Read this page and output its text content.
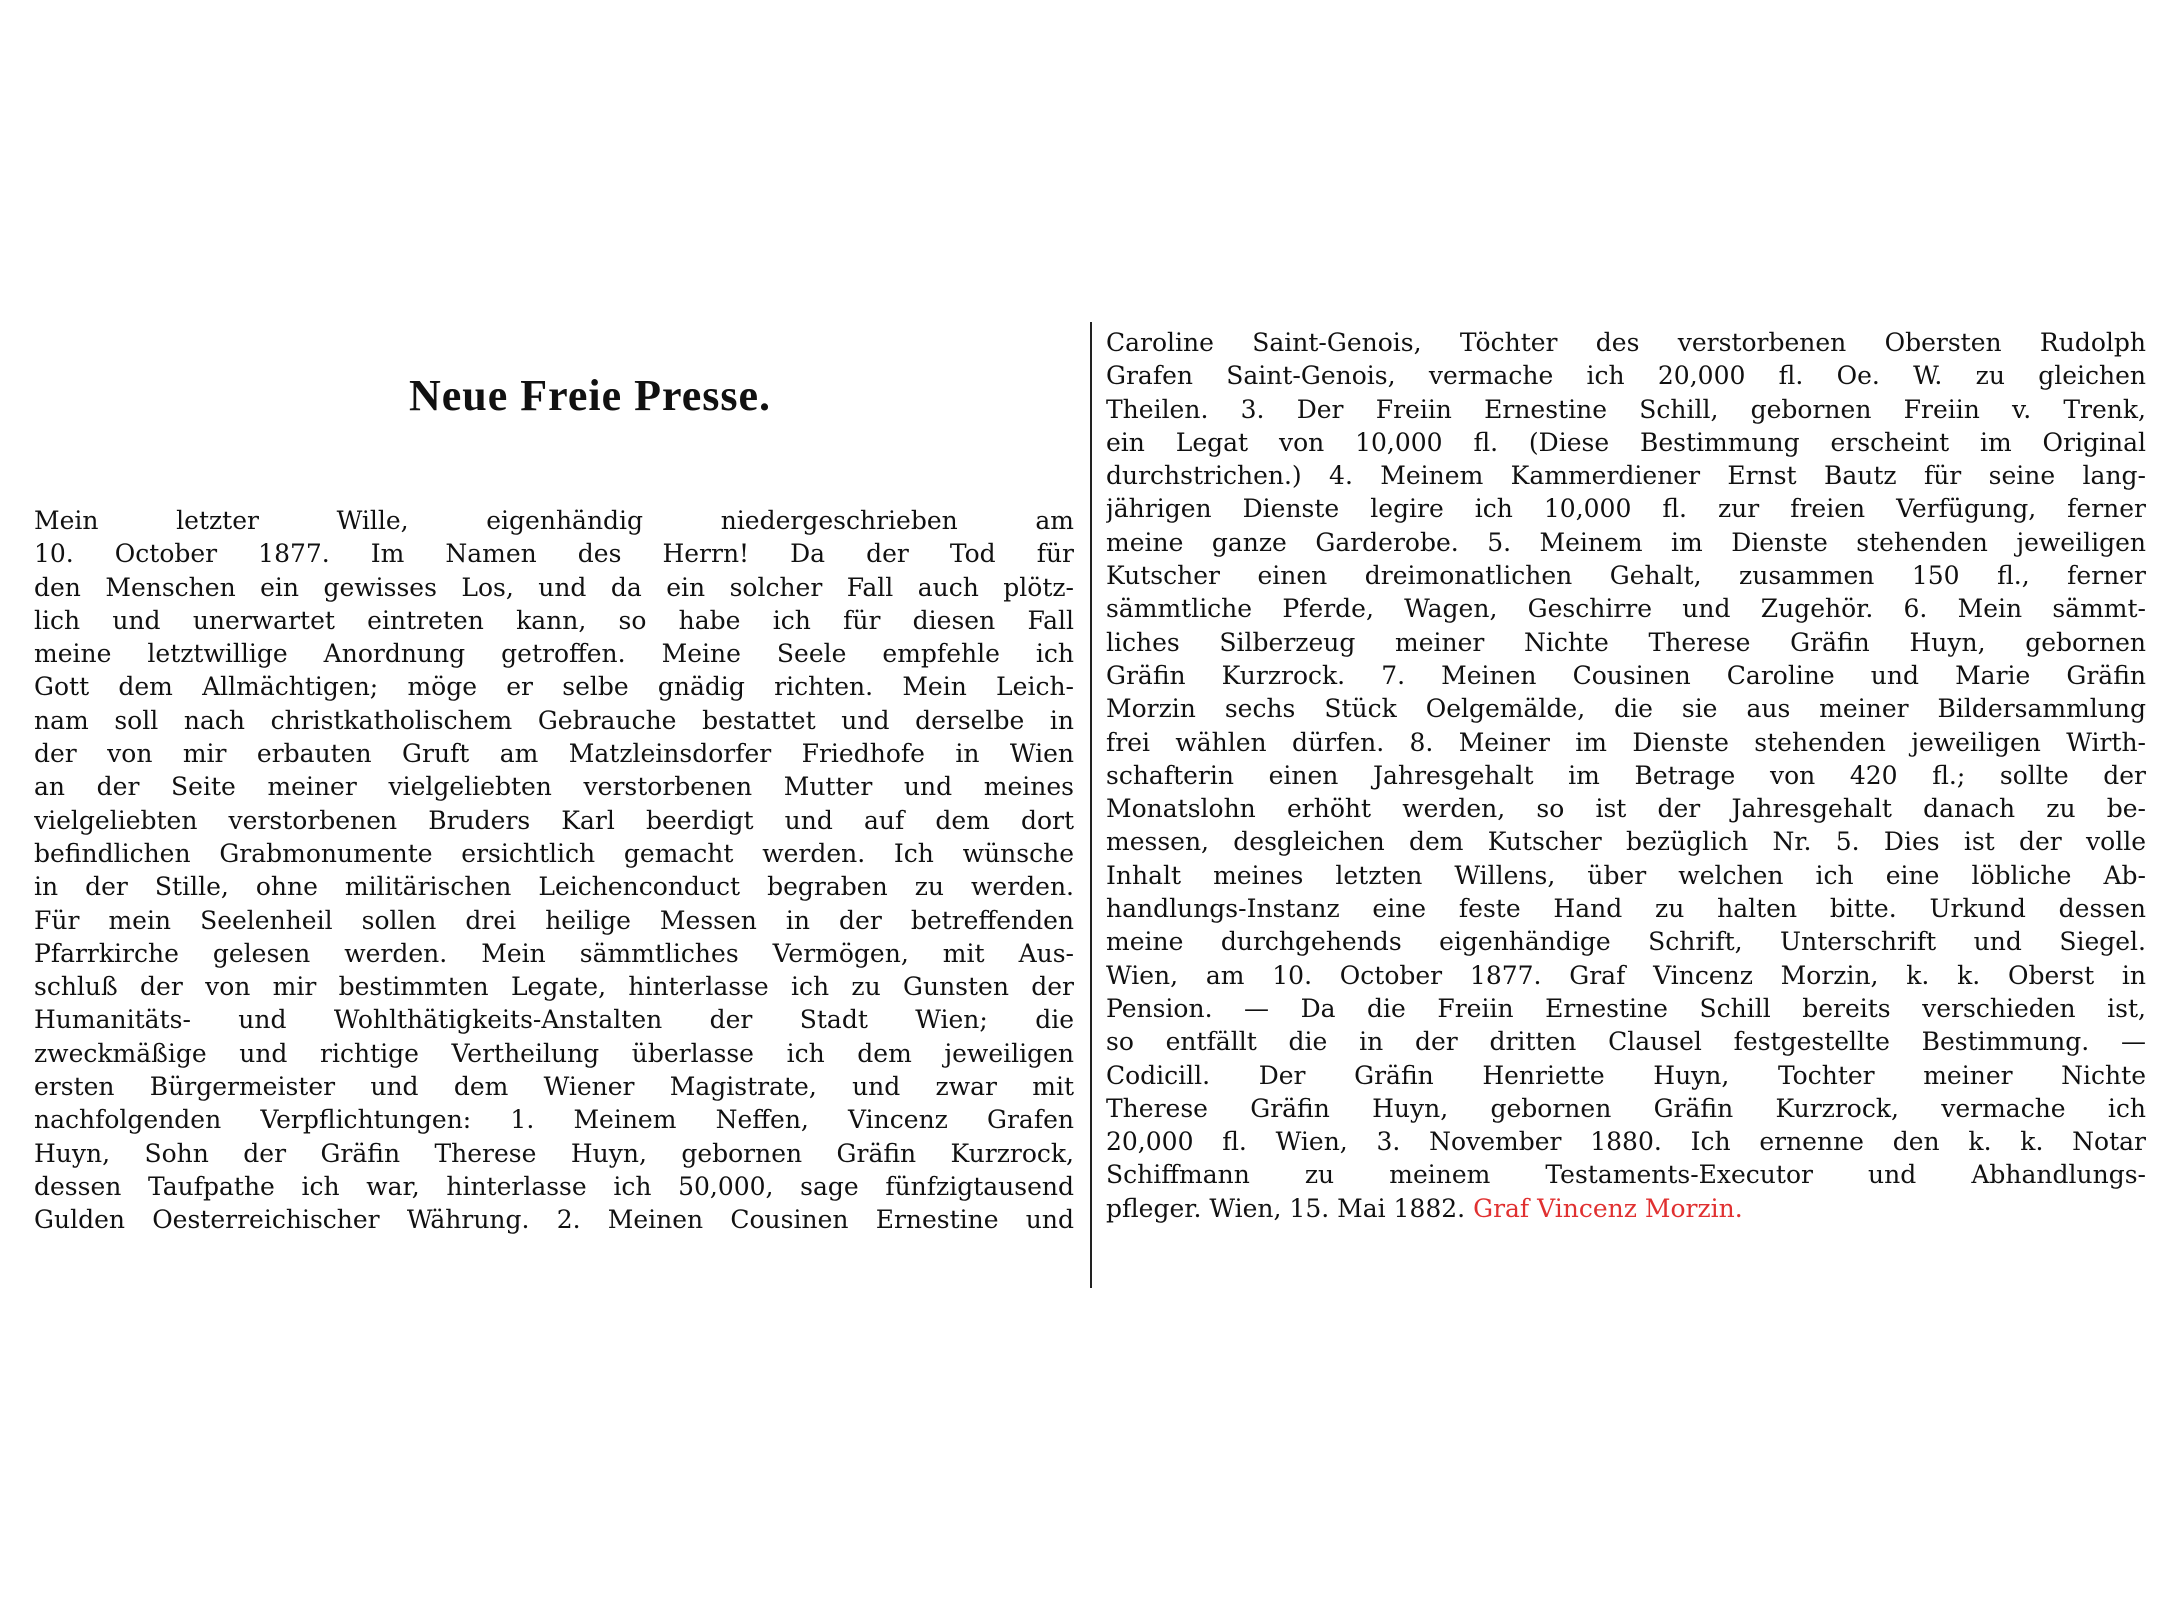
Neue Freie Presse.
Mein letzter Wille, eigenhändig niedergeschrieben am
10. October 1877. Im Namen des Herrn! Da der Tod für
den Menschen ein gewisses Los, und da ein solcher Fall auch plötz-
lich und unerwartet eintreten kann, so habe ich für diesen Fall
meine letztwillige Anordnung getroffen. Meine Seele empfehle ich
Gott dem Allmächtigen; möge er selbe gnädig richten. Mein Leich-
nam soll nach christkatholischem Gebrauche bestattet und derselbe in
der von mir erbauten Gruft am Matzleinsdorfer Friedhofe in Wien
an der Seite meiner vielgeliebten verstorbenen Mutter und meines
vielgeliebten verstorbenen Bruders Karl beerdigt und auf dem dort
befindlichen Grabmonumente ersichtlich gemacht werden. Ich wünsche
in der Stille, ohne militärischen Leichenconduct begraben zu werden.
Für mein Seelenheil sollen drei heilige Messen in der betreffenden
Pfarrkirche gelesen werden. Mein sämmtliches Vermögen, mit Aus-
schluß der von mir bestimmten Legate, hinterlasse ich zu Gunsten der
Humanitäts- und Wohlthätigkeits-Anstalten der Stadt Wien; die
zweckmäßige und richtige Vertheilung überlasse ich dem jeweiligen
ersten Bürgermeister und dem Wiener Magistrate, und zwar mit
nachfolgenden Verpflichtungen: 1. Meinem Neffen, Vincenz Grafen
Huyn, Sohn der Gräfin Therese Huyn, gebornen Gräfin Kurzrock,
dessen Taufpathe ich war, hinterlasse ich 50,000, sage fünfzigtausend
Gulden Oesterreichischer Währung. 2. Meinen Cousinen Ernestine und
Caroline Saint-Genois, Töchter des verstorbenen Obersten Rudolph
Grafen Saint-Genois, vermache ich 20,000 fl. Oe. W. zu gleichen
Theilen. 3. Der Freiin Ernestine Schill, gebornen Freiin v. Trenk,
ein Legat von 10,000 fl. (Diese Bestimmung erscheint im Original
durchstrichen.) 4. Meinem Kammerdiener Ernst Bautz für seine lang-
jährigen Dienste legire ich 10,000 fl. zur freien Verfügung, ferner
meine ganze Garderobe. 5. Meinem im Dienste stehenden jeweiligen
Kutscher einen dreimonatlichen Gehalt, zusammen 150 fl., ferner
sämmtliche Pferde, Wagen, Geschirre und Zugehör. 6. Mein sämmt-
liches Silberzeug meiner Nichte Therese Gräfin Huyn, gebornen
Gräfin Kurzrock. 7. Meinen Cousinen Caroline und Marie Gräfin
Morzin sechs Stück Oelgemälde, die sie aus meiner Bildersammlung
frei wählen dürfen. 8. Meiner im Dienste stehenden jeweiligen Wirth-
schafterin einen Jahresgehalt im Betrage von 420 fl.; sollte der
Monatslohn erhöht werden, so ist der Jahresgehalt danach zu be-
messen, desgleichen dem Kutscher bezüglich Nr. 5. Dies ist der volle
Inhalt meines letzten Willens, über welchen ich eine löbliche Ab-
handlungs-Instanz eine feste Hand zu halten bitte. Urkund dessen
meine durchgehends eigenhändige Schrift, Unterschrift und Siegel.
Wien, am 10. October 1877. Graf Vincenz Morzin, k. k. Oberst in
Pension. — Da die Freiin Ernestine Schill bereits verschieden ist,
so entfällt die in der dritten Clausel festgestellte Bestimmung. —
Codicill. Der Gräfin Henriette Huyn, Tochter meiner Nichte
Therese Gräfin Huyn, gebornen Gräfin Kurzrock, vermache ich
20,000 fl. Wien, 3. November 1880. Ich ernenne den k. k. Notar
Schiffmann zu meinem Testaments-Executor und Abhandlungs-
pfleger. Wien, 15. Mai 1882. Graf Vincenz Morzin.
